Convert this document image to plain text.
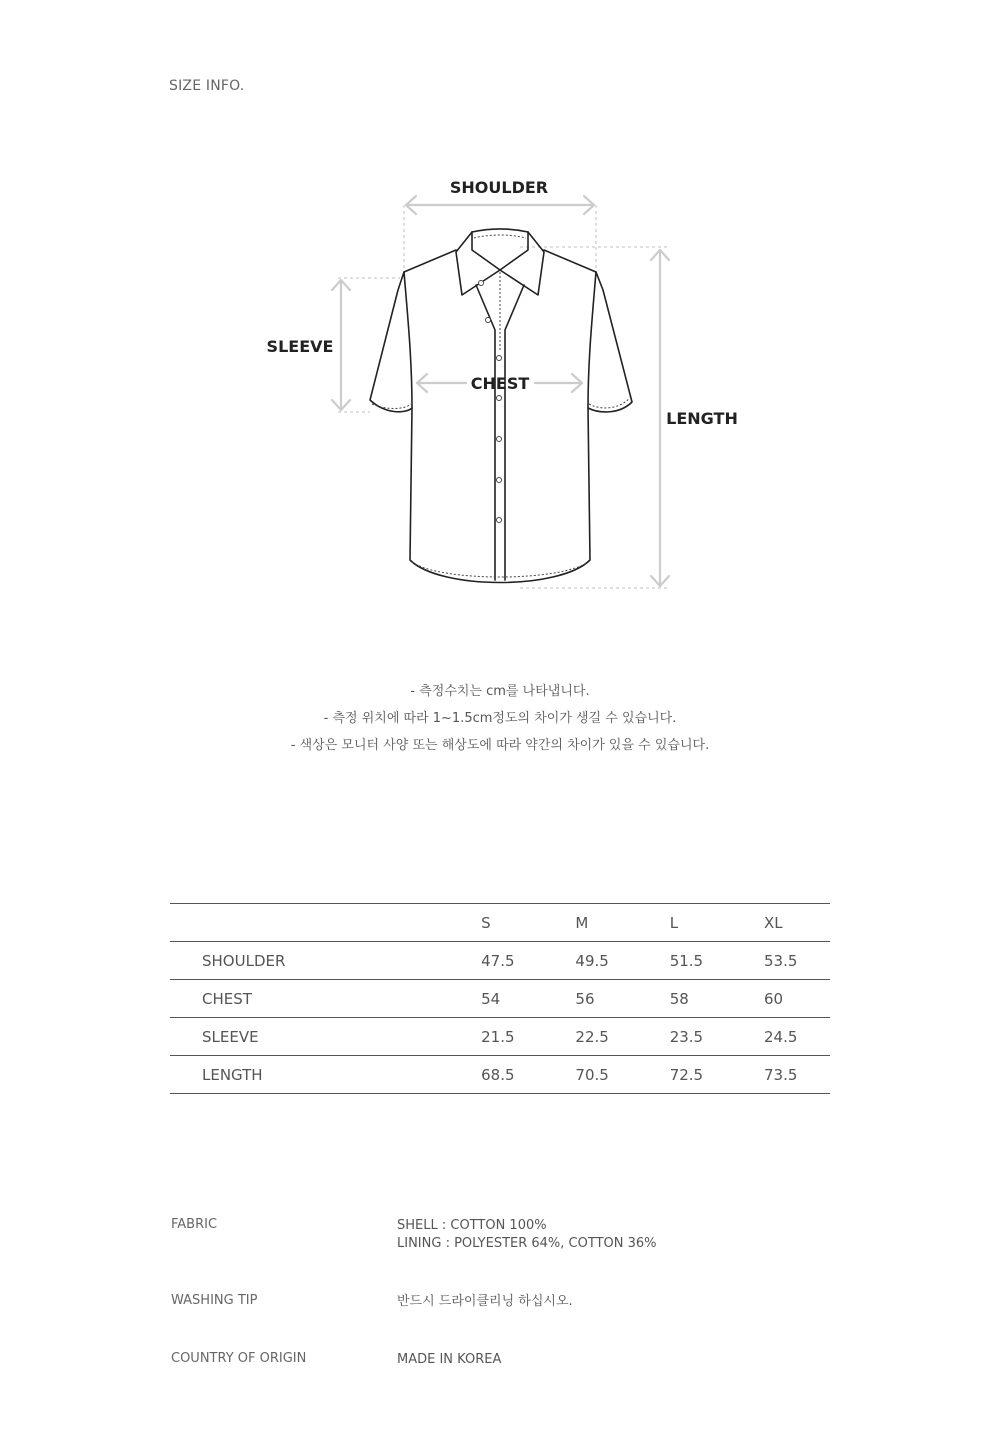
SIZE INFO.
SHOULDER
SLEEVE
CHEST
LENGTH
- 측정수치는 cm를 나타냅니다.
- 측정 위치에 따라 1~1.5cm정도의 차이가 생길 수 있습니다.
- 색상은 모니터 사양 또는 해상도에 따라 약간의 차이가 있을 수 있습니다.
	S	M	L	XL
SHOULDER	47.5	49.5	51.5	53.5
CHEST	54	56	58	60
SLEEVE	21.5	22.5	23.5	24.5
LENGTH	68.5	70.5	72.5	73.5
FABRIC	SHELL : COTTON 100%
LINING : POLYESTER 64%, COTTON 36%
WASHING TIP	반드시 드라이클리닝 하십시오.
COUNTRY OF ORIGIN	MADE IN KOREA
